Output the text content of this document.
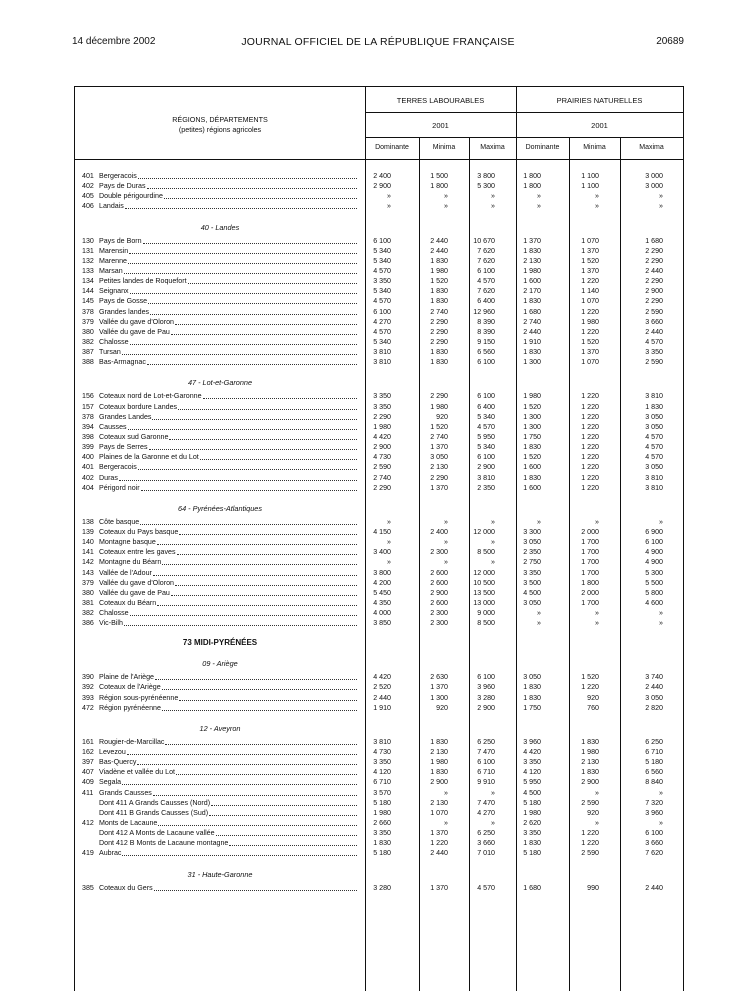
14 décembre 2002	JOURNAL OFFICIEL DE LA RÉPUBLIQUE FRANÇAISE	20689
RÉGIONS, DÉPARTEMENTS
(petites) régions agricoles
TERRES LABOURABLES	PRAIRIES NATURELLES
2001	2001
Dominante	Minima	Maxima	Dominante	Minima	Maxima
401 Bergeracois	2 400	1 500	3 800	1 800	1 100	3 000
402 Pays de Duras	2 900	1 800	5 300	1 800	1 100	3 000
405 Double périgourdine	»	»	»	»	»	»
406 Landais	»	»	»	»	»	»
40 - Landes
130 Pays de Born	6 100	2 440	10 670	1 370	1 070	1 680
131 Marensin	5 340	2 440	7 620	1 830	1 370	2 290
132 Marenne	5 340	1 830	7 620	2 130	1 520	2 290
133 Marsan	4 570	1 980	6 100	1 980	1 370	2 440
134 Petites landes de Roquefort	3 350	1 520	4 570	1 600	1 220	2 290
144 Seignanx	5 340	1 830	7 620	2 170	1 140	2 900
145 Pays de Gosse	4 570	1 830	6 400	1 830	1 070	2 290
378 Grandes landes	6 100	2 740	12 960	1 680	1 220	2 590
379 Vallée du gave d'Oloron	4 270	2 290	8 390	2 740	1 980	3 660
380 Vallée du gave de Pau	4 570	2 290	8 390	2 440	1 220	2 440
382 Chalosse	5 340	2 290	9 150	1 910	1 520	4 570
387 Tursan	3 810	1 830	6 560	1 830	1 370	3 350
388 Bas-Armagnac	3 810	1 830	6 100	1 300	1 070	2 590
47 - Lot-et-Garonne
156 Coteaux nord de Lot-et-Garonne	3 350	2 290	6 100	1 980	1 220	3 810
157 Coteaux bordure Landes	3 350	1 980	6 400	1 520	1 220	1 830
378 Grandes Landes	2 290	920	5 340	1 300	1 220	3 050
394 Causses	1 980	1 520	4 570	1 300	1 220	3 050
398 Coteaux sud Garonne	4 420	2 740	5 950	1 750	1 220	4 570
399 Pays de Serres	2 900	1 370	5 340	1 830	1 220	4 570
400 Plaines de la Garonne et du Lot	4 730	3 050	6 100	1 520	1 220	4 570
401 Bergeracois	2 590	2 130	2 900	1 600	1 220	3 050
402 Duras	2 740	2 290	3 810	1 830	1 220	3 810
404 Périgord noir	2 290	1 370	2 350	1 600	1 220	3 810
64 - Pyrénées-Atlantiques
138 Côte basque	»	»	»	»	»	»
139 Coteaux du Pays basque	4 150	2 400	12 000	3 300	2 000	6 900
140 Montagne basque	»	»	»	3 050	1 700	6 100
141 Coteaux entre les gaves	3 400	2 300	8 500	2 350	1 700	4 900
142 Montagne du Béarn	»	»	»	2 750	1 700	4 900
143 Vallée de l'Adour	3 800	2 600	12 000	3 350	1 700	5 300
379 Vallée du gave d'Oloron	4 200	2 600	10 500	3 500	1 800	5 500
380 Vallée du gave de Pau	5 450	2 900	13 500	4 500	2 000	5 800
381 Coteaux du Béarn	4 350	2 600	13 000	3 050	1 700	4 600
382 Chalosse	4 000	2 300	9 000	»	»	»
386 Vic-Bilh	3 850	2 300	8 500	»	»	»
73 MIDI-PYRÉNÉES
09 - Ariège
390 Plaine de l'Ariège	4 420	2 630	6 100	3 050	1 520	3 740
392 Coteaux de l'Ariège	2 520	1 370	3 960	1 830	1 220	2 440
393 Région sous-pyrénéenne	2 440	1 300	3 280	1 830	920	3 050
472 Région pyrénéenne	1 910	920	2 900	1 750	760	2 820
12 - Aveyron
161 Rougier-de-Marcillac	3 810	1 830	6 250	3 960	1 830	6 250
162 Levezou	4 730	2 130	7 470	4 420	1 980	6 710
397 Bas-Quercy	3 350	1 980	6 100	3 350	2 130	5 180
407 Viadène et vallée du Lot	4 120	1 830	6 710	4 120	1 830	6 560
409 Segala	6 710	2 900	9 910	5 950	2 900	8 840
411 Grands Causses	3 570	»	»	4 500	»	»
Dont 411 A Grands Causses (Nord)	5 180	2 130	7 470	5 180	2 590	7 320
Dont 411 B Grands Causses (Sud)	1 980	1 070	4 270	1 980	920	3 960
412 Monts de Lacaune	2 660	»	»	2 620	»	»
Dont 412 A Monts de Lacaune vallée	3 350	1 370	6 250	3 350	1 220	6 100
Dont 412 B Monts de Lacaune montagne	1 830	1 220	3 660	1 830	1 220	3 660
419 Aubrac	5 180	2 440	7 010	5 180	2 590	7 620
31 - Haute-Garonne
385 Coteaux du Gers	3 280	1 370	4 570	1 680	990	2 440
